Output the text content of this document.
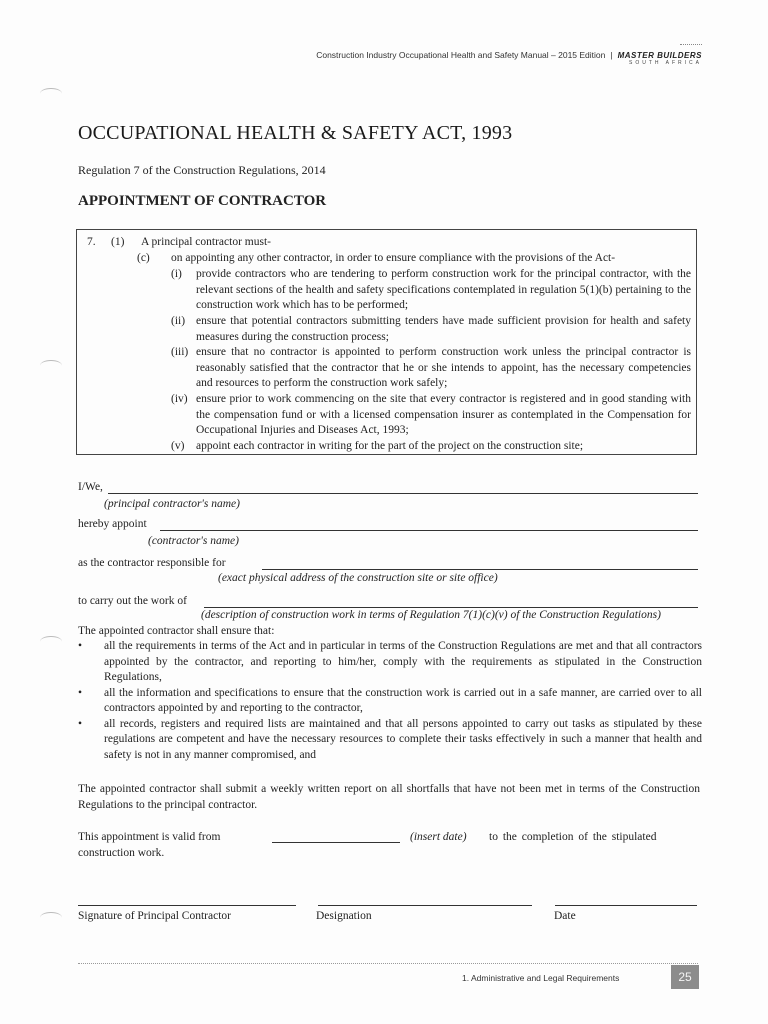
Construction Industry Occupational Health and Safety Manual – 2015 Edition | MASTER BUILDERS
SOUTH AFRICA
OCCUPATIONAL HEALTH & SAFETY ACT, 1993
Regulation 7 of the Construction Regulations, 2014
APPOINTMENT OF CONTRACTOR
7. (1) A principal contractor must-
(c) on appointing any other contractor, in order to ensure compliance with the provisions of the Act-
(i) provide contractors who are tendering to perform construction work for the principal contractor, with the relevant sections of the health and safety specifications contemplated in regulation 5(1)(b) pertaining to the construction work which has to be performed;
(ii) ensure that potential contractors submitting tenders have made sufficient provision for health and safety measures during the construction process;
(iii) ensure that no contractor is appointed to perform construction work unless the principal contractor is reasonably satisfied that the contractor that he or she intends to appoint, has the necessary competencies and resources to perform the construction work safely;
(iv) ensure prior to work commencing on the site that every contractor is registered and in good standing with the compensation fund or with a licensed compensation insurer as contemplated in the Compensation for Occupational Injuries and Diseases Act, 1993;
(v) appoint each contractor in writing for the part of the project on the construction site;
I/We,
(principal contractor's name)
hereby appoint
(contractor's name)
as the contractor responsible for
(exact physical address of the construction site or site office)
to carry out the work of
(description of construction work in terms of Regulation 7(1)(c)(v) of the Construction Regulations)
The appointed contractor shall ensure that:
• all the requirements in terms of the Act and in particular in terms of the Construction Regulations are met and that all contractors appointed by the contractor, and reporting to him/her, comply with the requirements as stipulated in the Construction Regulations,
• all the information and specifications to ensure that the construction work is carried out in a safe manner, are carried over to all contractors appointed by and reporting to the contractor,
• all records, registers and required lists are maintained and that all persons appointed to carry out tasks as stipulated by these regulations are competent and have the necessary resources to complete their tasks effectively in such a manner that health and safety is not in any manner compromised, and
The appointed contractor shall submit a weekly written report on all shortfalls that have not been met in terms of the Construction Regulations to the principal contractor.
This appointment is valid from	(insert date) to the completion of the stipulated
construction work.
Signature of Principal Contractor	Designation	Date
1. Administrative and Legal Requirements	25
